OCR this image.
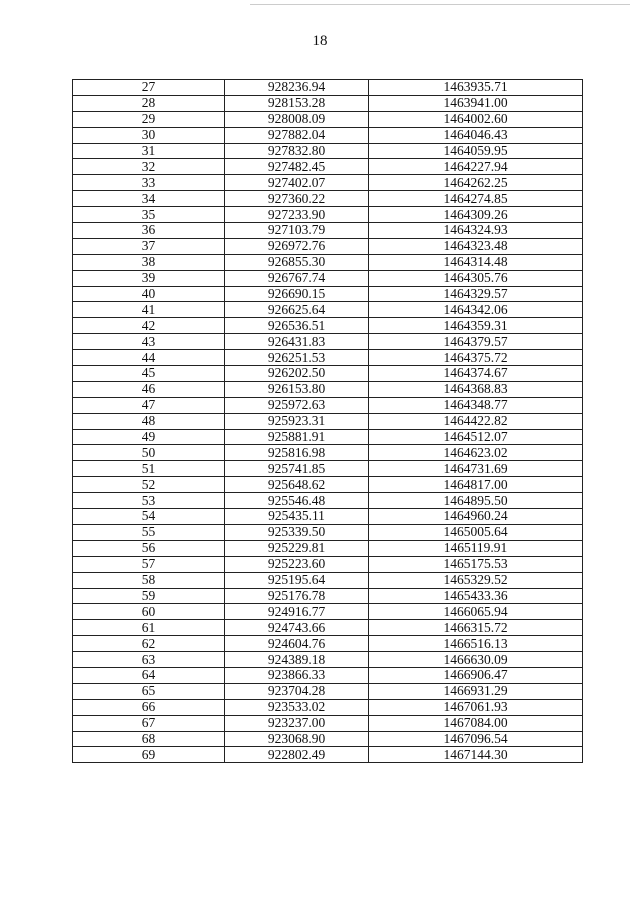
18
27	928236.94	1463935.71
28	928153.28	1463941.00
29	928008.09	1464002.60
30	927882.04	1464046.43
31	927832.80	1464059.95
32	927482.45	1464227.94
33	927402.07	1464262.25
34	927360.22	1464274.85
35	927233.90	1464309.26
36	927103.79	1464324.93
37	926972.76	1464323.48
38	926855.30	1464314.48
39	926767.74	1464305.76
40	926690.15	1464329.57
41	926625.64	1464342.06
42	926536.51	1464359.31
43	926431.83	1464379.57
44	926251.53	1464375.72
45	926202.50	1464374.67
46	926153.80	1464368.83
47	925972.63	1464348.77
48	925923.31	1464422.82
49	925881.91	1464512.07
50	925816.98	1464623.02
51	925741.85	1464731.69
52	925648.62	1464817.00
53	925546.48	1464895.50
54	925435.11	1464960.24
55	925339.50	1465005.64
56	925229.81	1465119.91
57	925223.60	1465175.53
58	925195.64	1465329.52
59	925176.78	1465433.36
60	924916.77	1466065.94
61	924743.66	1466315.72
62	924604.76	1466516.13
63	924389.18	1466630.09
64	923866.33	1466906.47
65	923704.28	1466931.29
66	923533.02	1467061.93
67	923237.00	1467084.00
68	923068.90	1467096.54
69	922802.49	1467144.30
